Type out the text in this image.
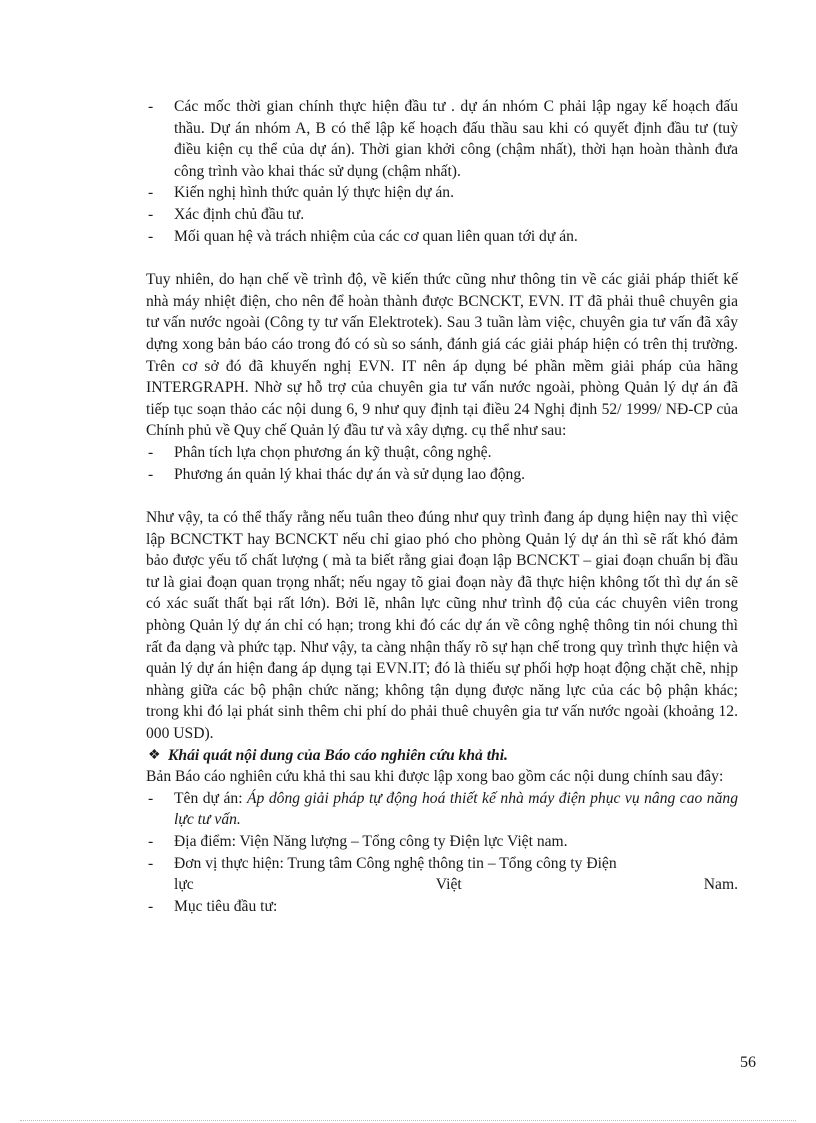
- Các mốc thời gian chính thực hiện đầu tư . dự án nhóm C phải lập ngay kế hoạch đấu thầu. Dự án nhóm A, B có thể lập kế hoạch đấu thầu sau khi có quyết định đầu tư (tuỳ điều kiện cụ thể của dự án). Thời gian khởi công (chậm nhất), thời hạn hoàn thành đưa công trình vào khai thác sử dụng (chậm nhất).
- Kiến nghị hình thức quản lý thực hiện dự án.
- Xác định chủ đầu tư.
- Mối quan hệ và trách nhiệm của các cơ quan liên quan tới dự án.

Tuy nhiên, do hạn chế về trình độ, về kiến thức cũng như thông tin về các giải pháp thiết kế nhà máy nhiệt điện, cho nên để hoàn thành được BCNCKT, EVN. IT đã phải thuê chuyên gia tư vấn nước ngoài (Công ty tư vấn Elektrotek). Sau 3 tuần làm việc, chuyên gia tư vấn đã xây dựng xong bản báo cáo trong đó có sù so sánh, đánh giá các giải pháp hiện có trên thị trường. Trên cơ sở đó đã khuyến nghị EVN. IT nên áp dụng bé phần mềm giải pháp của hãng INTERGRAPH. Nhờ sự hỗ trợ của chuyên gia tư vấn nước ngoài, phòng Quản lý dự án đã tiếp tục soạn thảo các nội dung 6, 9 như quy định tại điều 24 Nghị định 52/ 1999/ NĐ-CP của Chính phủ về Quy chế Quản lý đầu tư và xây dựng. cụ thể như sau:

- Phân tích lựa chọn phương án kỹ thuật, công nghệ.
- Phương án quản lý khai thác dự án và sử dụng lao động.

Như vậy, ta có thể thấy rằng nếu tuân theo đúng như quy trình đang áp dụng hiện nay thì việc lập BCNCTKT hay BCNCKT nếu chỉ giao phó cho phòng Quản lý dự án thì sẽ rất khó đảm bảo được yếu tố chất lượng ( mà ta biết rằng giai đoạn lập BCNCKT – giai đoạn chuẩn bị đầu tư là giai đoạn quan trọng nhất; nếu ngay tõ giai đoạn này đã thực hiện không tốt thì dự án sẽ có xác suất thất bại rất lớn). Bởi lẽ, nhân lực cũng như trình độ của các chuyên viên trong phòng Quản lý dự án chỉ có hạn; trong khi đó các dự án về công nghệ thông tin nói chung thì rất đa dạng và phức tạp. Như vậy, ta càng nhận thấy rõ sự hạn chế trong quy trình thực hiện và quản lý dự án hiện đang áp dụng tại EVN.IT; đó là thiếu sự phối hợp hoạt động chặt chẽ, nhịp nhàng giữa các bộ phận chức năng; không tận dụng được năng lực của các bộ phận khác; trong khi đó lại phát sinh thêm chi phí do phải thuê chuyên gia tư vấn nước ngoài (khoảng 12. 000 USD).

❖ Khái quát nội dung của Báo cáo nghiên cứu khả thi.

Bản Báo cáo nghiên cứu khả thi sau khi được lập xong bao gồm các nội dung chính sau đây:

- Tên dự án: Áp dông giải pháp tự động hoá thiết kế nhà máy điện phục vụ nâng cao năng lực tư vấn.
- Địa điểm: Viện Năng lượng – Tổng công ty Điện lực Việt nam.
- Đơn vị thực hiện: Trung tâm Công nghệ thông tin – Tổng công ty Điện
lực	Việt	Nam.
- Mục tiêu đầu tư:
56
